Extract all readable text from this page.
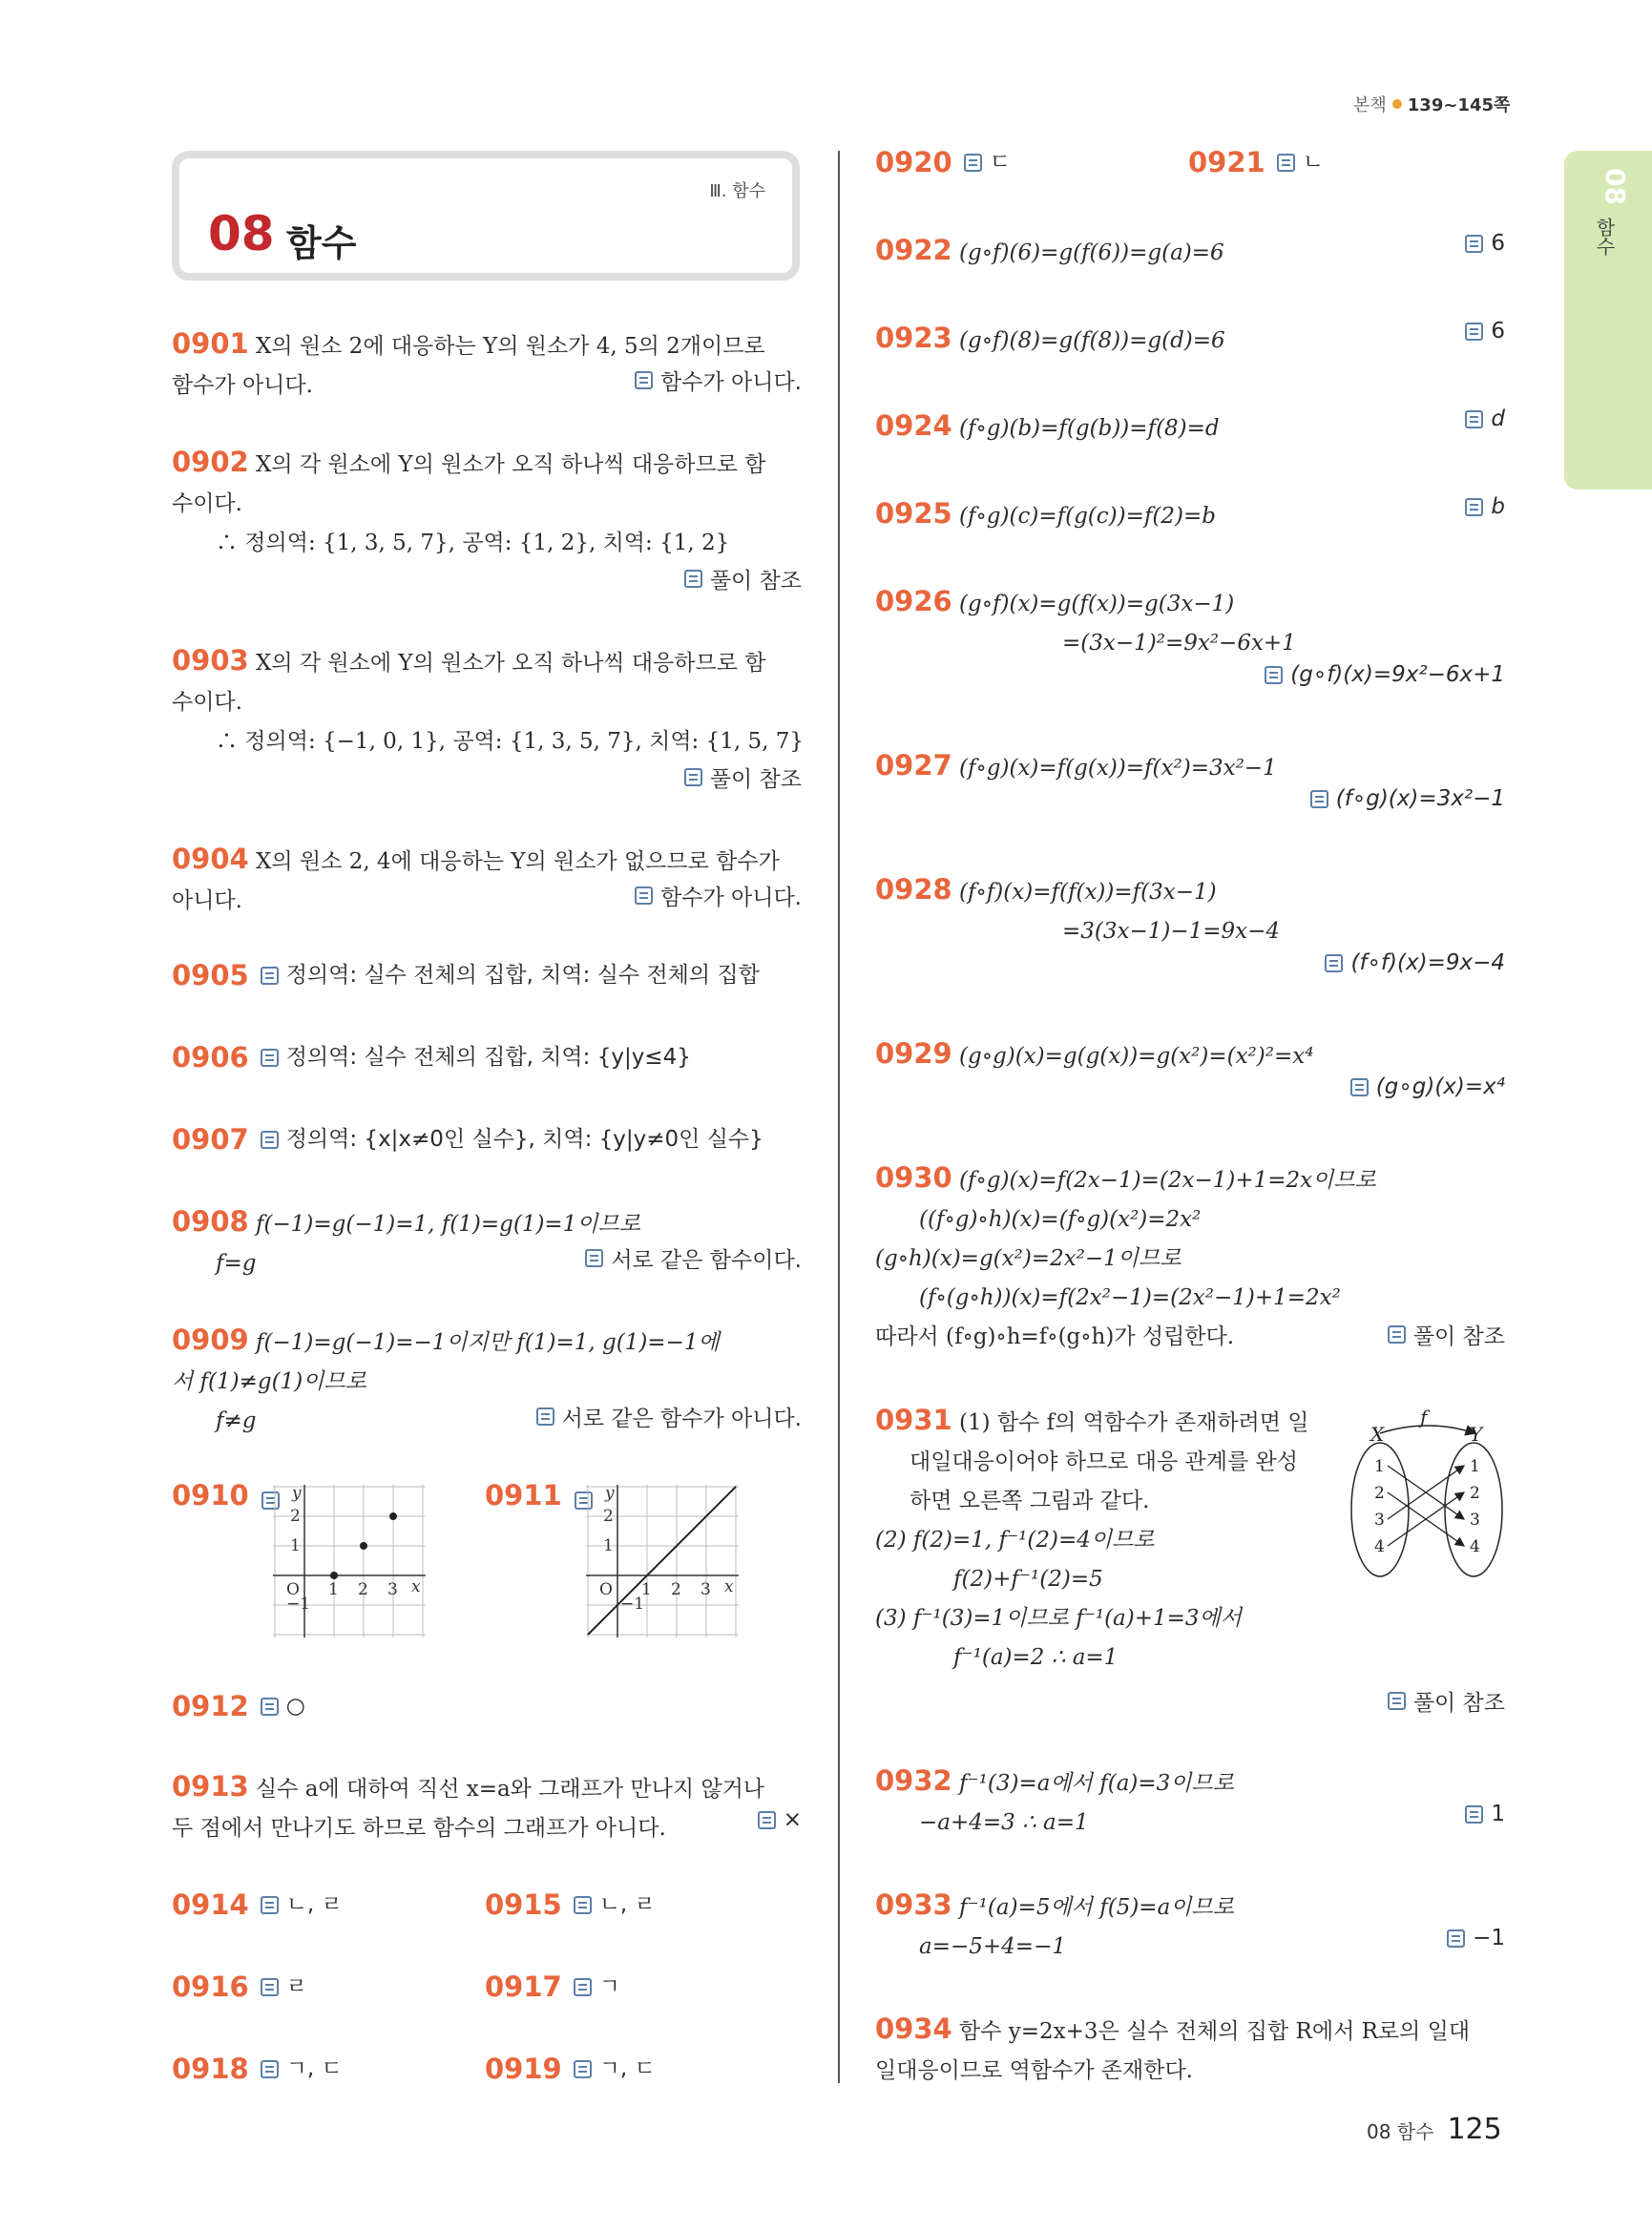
본책 139~145쪽
08
함수
Ⅲ. 함수
08 함수
0901 X의 원소 2에 대응하는 Y의 원소가 4, 5의 2개이므로
함수가 아니다.	함수가 아니다.
0902 X의 각 원소에 Y의 원소가 오직 하나씩 대응하므로 함
수이다.
∴ 정의역: {1, 3, 5, 7}, 공역: {1, 2}, 치역: {1, 2}
풀이 참조
0903 X의 각 원소에 Y의 원소가 오직 하나씩 대응하므로 함
수이다.
∴ 정의역: {−1, 0, 1}, 공역: {1, 3, 5, 7}, 치역: {1, 5, 7}
풀이 참조
0904 X의 원소 2, 4에 대응하는 Y의 원소가 없으므로 함수가
아니다.	함수가 아니다.
0905 정의역: 실수 전체의 집합, 치역: 실수 전체의 집합
0906 정의역: 실수 전체의 집합, 치역: {y|y≤4}
0907 정의역: {x|x≠0인 실수}, 치역: {y|y≠0인 실수}
0908 f(−1)=g(−1)=1, f(1)=g(1)=1이므로
f=g	서로 같은 함수이다.
0909 f(−1)=g(−1)=−1이지만 f(1)=1, g(1)=−1에
서 f(1)≠g(1)이므로
f≠g	서로 같은 함수가 아니다.
0910	y
x
O 1 2 3
2
1
−1
0911	y
x
O 1 2 3
2
1
−1
0912 ○
0913 실수 a에 대하여 직선 x=a와 그래프가 만나지 않거나
두 점에서 만나기도 하므로 함수의 그래프가 아니다.	×
0914 ㄴ, ㄹ	0915 ㄴ, ㄹ
0916 ㄹ	0917 ㄱ
0918 ㄱ, ㄷ	0919 ㄱ, ㄷ
0920 ㄷ	0921 ㄴ
0922 (g∘f)(6)=g(f(6))=g(a)=6	6
0923 (g∘f)(8)=g(f(8))=g(d)=6	6
0924 (f∘g)(b)=f(g(b))=f(8)=d	d
0925 (f∘g)(c)=f(g(c))=f(2)=b	b
0926 (g∘f)(x)=g(f(x))=g(3x−1)
=(3x−1)²=9x²−6x+1
(g∘f)(x)=9x²−6x+1
0927 (f∘g)(x)=f(g(x))=f(x²)=3x²−1
(f∘g)(x)=3x²−1
0928 (f∘f)(x)=f(f(x))=f(3x−1)
=3(3x−1)−1=9x−4
(f∘f)(x)=9x−4
0929 (g∘g)(x)=g(g(x))=g(x²)=(x²)²=x⁴
(g∘g)(x)=x⁴
0930 (f∘g)(x)=f(2x−1)=(2x−1)+1=2x이므로
((f∘g)∘h)(x)=(f∘g)(x²)=2x²
(g∘h)(x)=g(x²)=2x²−1이므로
(f∘(g∘h))(x)=f(2x²−1)=(2x²−1)+1=2x²
따라서 (f∘g)∘h=f∘(g∘h)가 성립한다.	풀이 참조
0931 (1) 함수 f의 역함수가 존재하려면 일
대일대응이어야 하므로 대응 관계를 완성
하면 오른쪽 그림과 같다.
(2) f(2)=1, f⁻¹(2)=4이므로
f(2)+f⁻¹(2)=5
(3) f⁻¹(3)=1이므로 f⁻¹(a)+1=3에서
f⁻¹(a)=2 ∴ a=1
풀이 참조
f
X	Y
1
2
3
4
1
2
3
4
0932 f⁻¹(3)=a에서 f(a)=3이므로
−a+4=3 ∴ a=1	1
0933 f⁻¹(a)=5에서 f(5)=a이므로
a=−5+4=−1	−1
0934 함수 y=2x+3은 실수 전체의 집합 R에서 R로의 일대
일대응이므로 역함수가 존재한다.
08 함수 125
